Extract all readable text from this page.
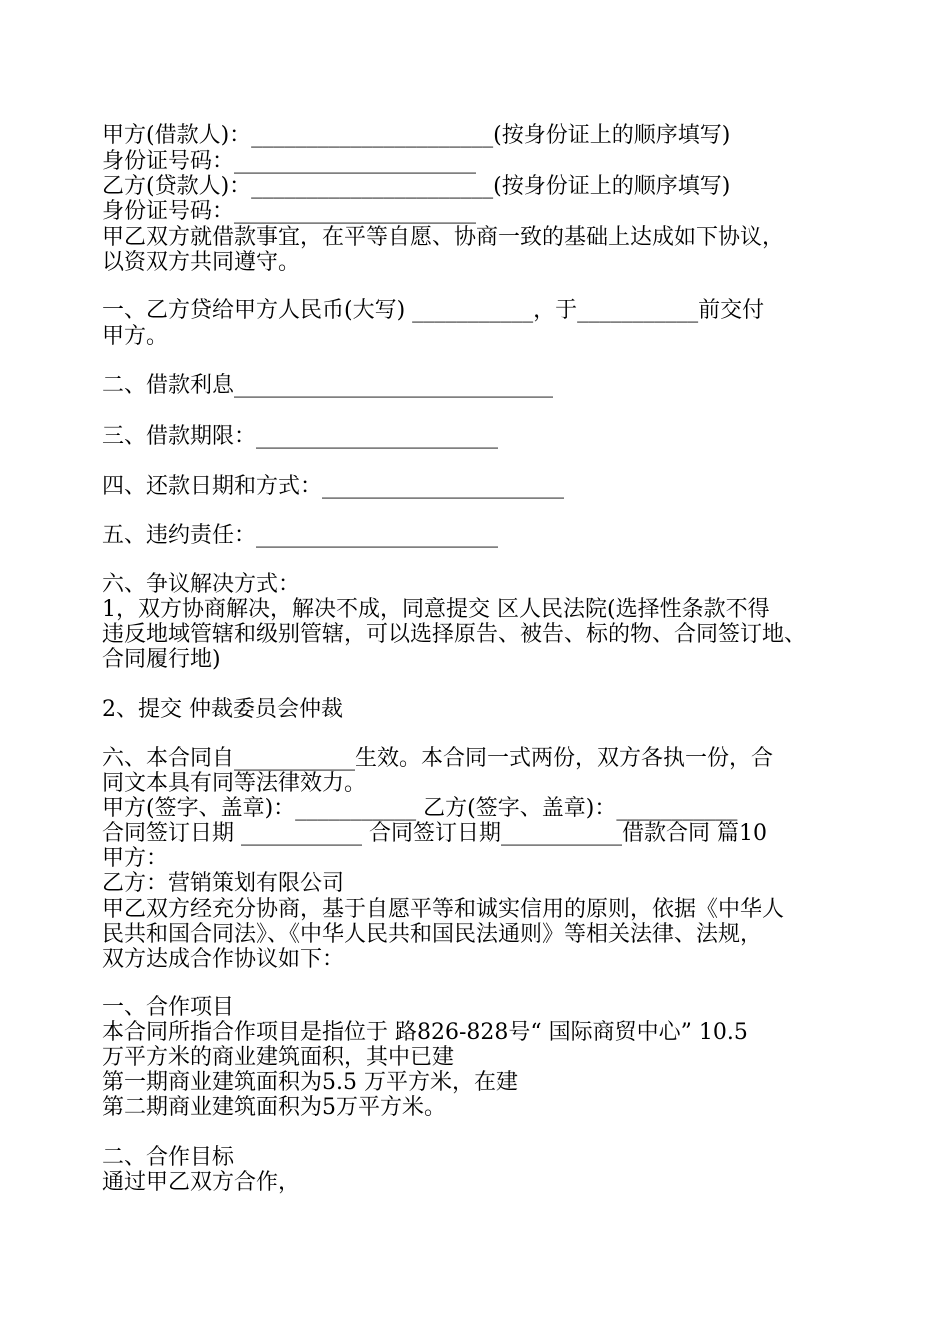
甲方(借款人)：______________________(按身份证上的顺序填写)
身份证号码：______________________
乙方(贷款人)：______________________(按身份证上的顺序填写)
身份证号码：______________________
甲乙双方就借款事宜，在平等自愿、协商一致的基础上达成如下协议，
以资双方共同遵守。
一、乙方贷给甲方人民币(大写) ___________，于___________前交付
甲方。
二、借款利息_____________________________
三、借款期限：______________________
四、还款日期和方式：______________________
五、违约责任：______________________
六、争议解决方式：
1，双方协商解决，解决不成，同意提交 区人民法院(选择性条款不得
违反地域管辖和级别管辖，可以选择原告、被告、标的物、合同签订地、
合同履行地)
2、提交 仲裁委员会仲裁
六、本合同自___________生效。本合同一式两份，双方各执一份，合
同文本具有同等法律效力。
甲方(签字、盖章)：___________ 乙方(签字、盖章)：___________
合同签订日期 ___________ 合同签订日期___________借款合同 篇10
甲方：
乙方：营销策划有限公司
甲乙双方经充分协商，基于自愿平等和诚实信用的原则，依据《中华人
民共和国合同法》、《中华人民共和国民法通则》等相关法律、法规，
双方达成合作协议如下：
一、合作项目
本合同所指合作项目是指位于 路826-828号“ 国际商贸中心” 10.5
万平方米的商业建筑面积，其中已建
第一期商业建筑面积为5.5 万平方米，在建
第二期商业建筑面积为5万平方米。
二、合作目标
通过甲乙双方合作，
